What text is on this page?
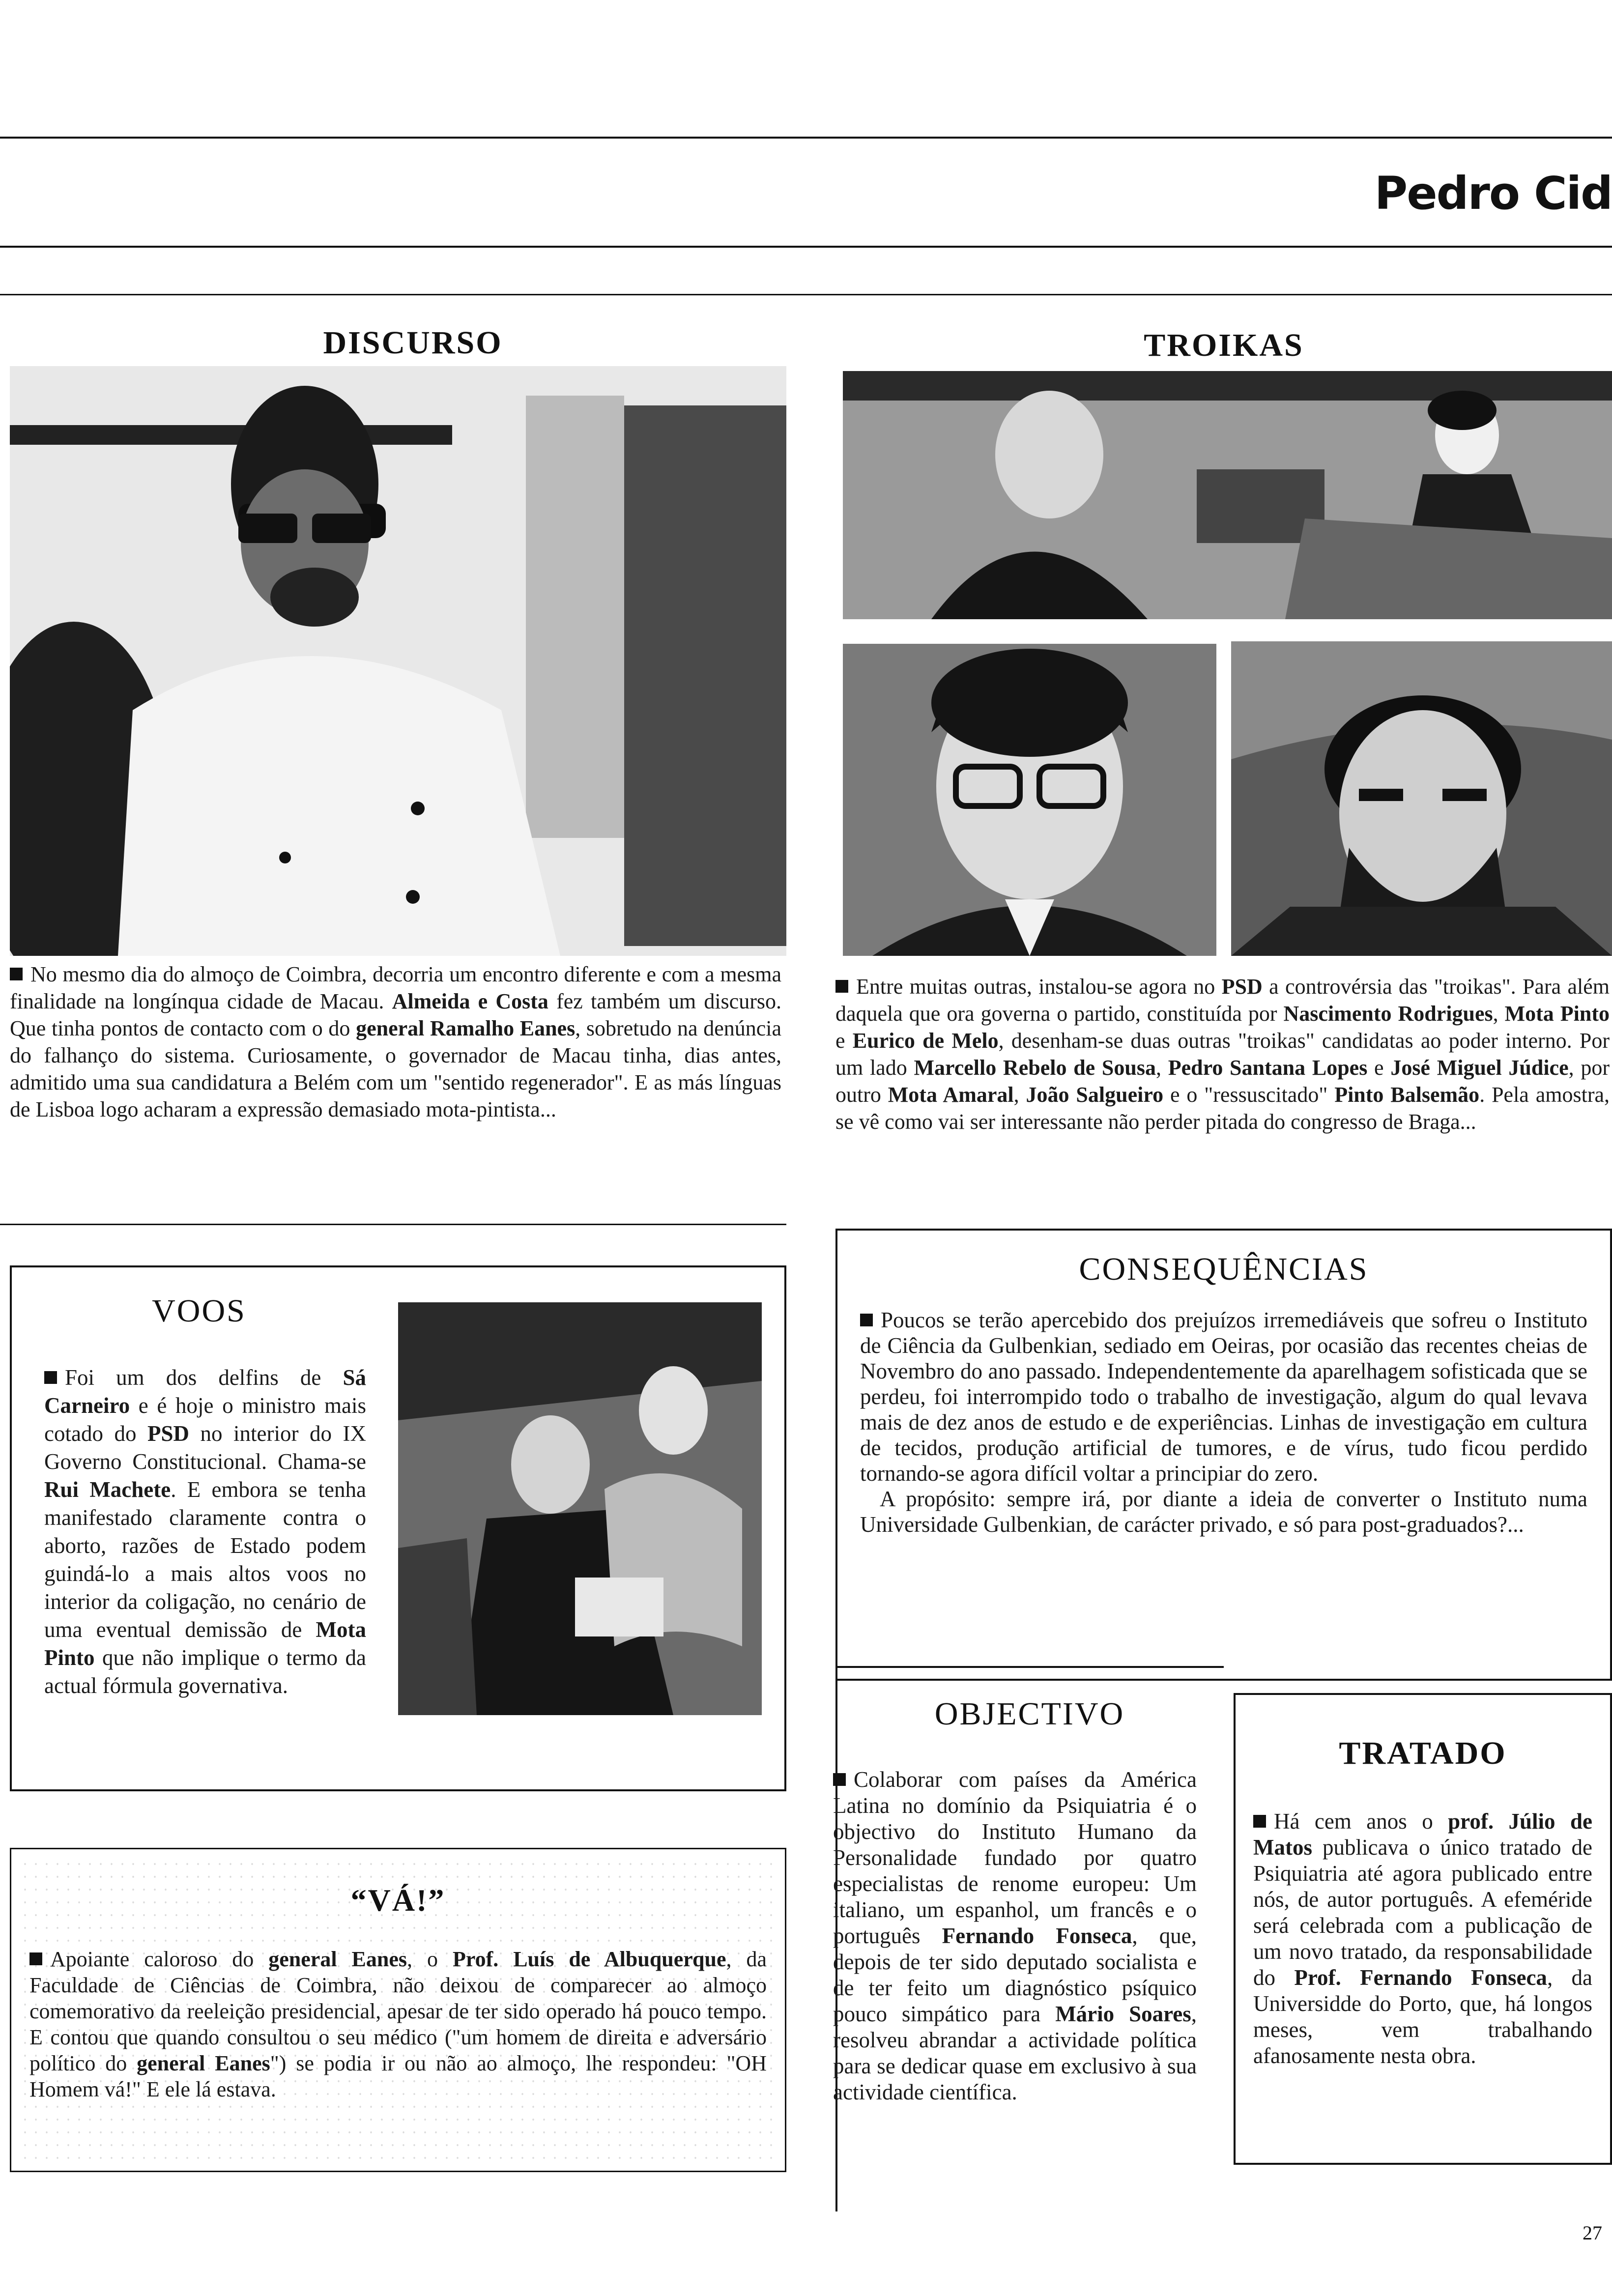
Pedro Cid
DISCURSO
No mesmo dia do almoço de Coimbra, decorria um encontro diferente e com a mesma finalidade na longínqua cidade de Macau. Almeida e Costa fez também um discurso. Que tinha pontos de contacto com o do general Ramalho Eanes, sobretudo na denúncia do falhanço do sistema. Curiosamente, o governador de Macau tinha, dias antes, admitido uma sua candidatura a Belém com um "sentido regenerador". E as más línguas de Lisboa logo acharam a expressão demasiado mota-pintista...
TROIKAS
Entre muitas outras, instalou-se agora no PSD a controvérsia das "troikas". Para além daquela que ora governa o partido, constituída por Nascimento Rodrigues, Mota Pinto e Eurico de Melo, desenham-se duas outras "troikas" candidatas ao poder interno. Por um lado Marcello Rebelo de Sousa, Pedro Santana Lopes e José Miguel Júdice, por outro Mota Amaral, João Salgueiro e o "ressuscitado" Pinto Balsemão. Pela amostra, se vê como vai ser interessante não perder pitada do congresso de Braga...
VOOS
Foi um dos delfins de Sá Carneiro e é hoje o ministro mais cotado do PSD no interior do IX Governo Constitucional. Chama-se Rui Machete. E embora se tenha manifestado claramente contra o aborto, razões de Estado podem guindá-lo a mais altos voos no interior da coligação, no cenário de uma eventual demissão de Mota Pinto que não implique o termo da actual fórmula governativa.
CONSEQUÊNCIAS
Poucos se terão apercebido dos prejuízos irremediáveis que sofreu o Instituto de Ciência da Gulbenkian, sediado em Oeiras, por ocasião das recentes cheias de Novembro do ano passado. Independentemente da aparelhagem sofisticada que se perdeu, foi interrompido todo o trabalho de investigação, algum do qual levava mais de dez anos de estudo e de experiências. Linhas de investigação em cultura de tecidos, produção artificial de tumores, e de vírus, tudo ficou perdido tornando-se agora difícil voltar a principiar do zero.
A propósito: sempre irá, por diante a ideia de converter o Instituto numa Universidade Gulbenkian, de carácter privado, e só para post-graduados?...
“VÁ!”
Apoiante caloroso do general Eanes, o Prof. Luís de Albuquerque, da Faculdade de Ciências de Coimbra, não deixou de comparecer ao almoço comemorativo da reeleição presidencial, apesar de ter sido operado há pouco tempo. E contou que quando consultou o seu médico ("um homem de direita e adversário político do general Eanes") se podia ir ou não ao almoço, lhe respondeu: "OH Homem vá!" E ele lá estava.
OBJECTIVO
Colaborar com países da América Latina no domínio da Psiquiatria é o objectivo do Instituto Humano da Personalidade fundado por quatro especialistas de renome europeu: Um italiano, um espanhol, um francês e o português Fernando Fonseca, que, depois de ter sido deputado socialista e de ter feito um diagnóstico psíquico pouco simpático para Mário Soares, resolveu abrandar a actividade política para se dedicar quase em exclusivo à sua actividade científica.
TRATADO
Há cem anos o prof. Júlio de Matos publicava o único tratado de Psiquiatria até agora publicado entre nós, de autor português. A efeméride será celebrada com a publicação de um novo tratado, da responsabilidade do Prof. Fernando Fonseca, da Universidde do Porto, que, há longos meses, vem trabalhando afanosamente nesta obra.
27
